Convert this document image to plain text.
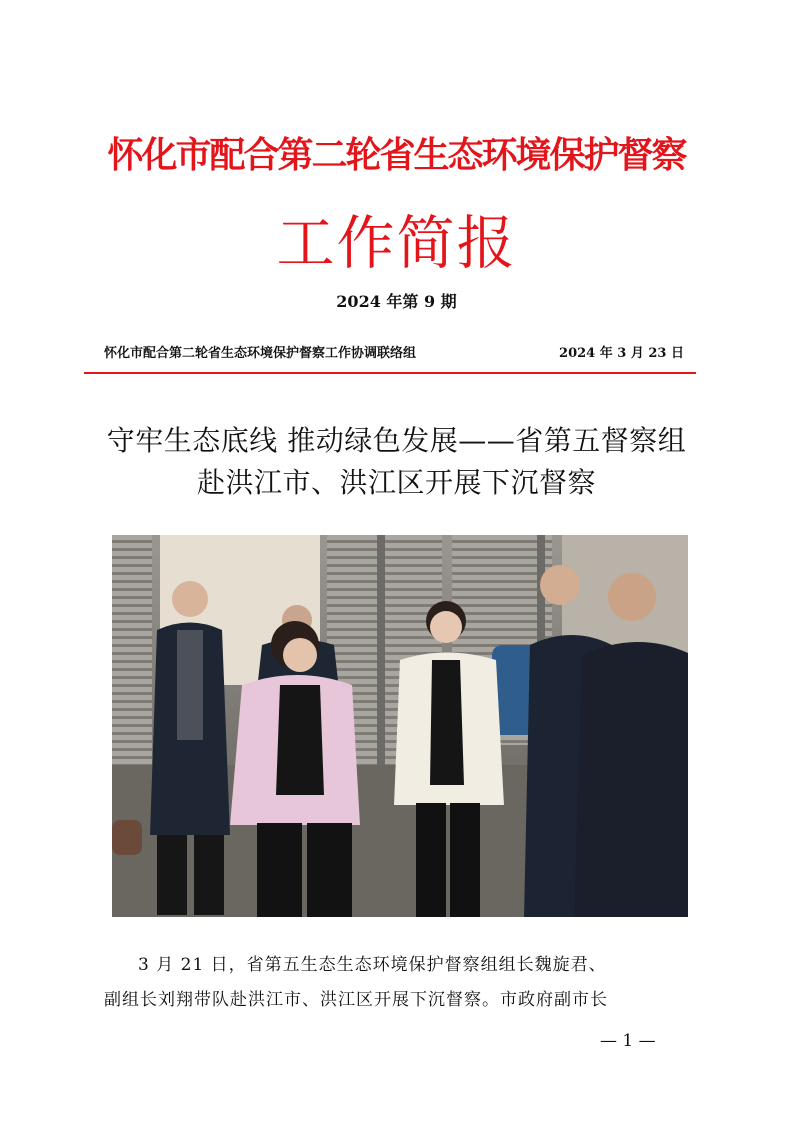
怀化市配合第二轮省生态环境保护督察
工作简报
2024 年第 9 期
怀化市配合第二轮省生态环境保护督察工作协调联络组	2024 年 3 月 23 日
守牢生态底线 推动绿色发展——省第五督察组
赴洪江市、洪江区开展下沉督察

3 月 21 日，省第五生态生态环境保护督察组组长魏旋君、

副组长刘翔带队赴洪江市、洪江区开展下沉督察。市政府副市长

— 1 —
